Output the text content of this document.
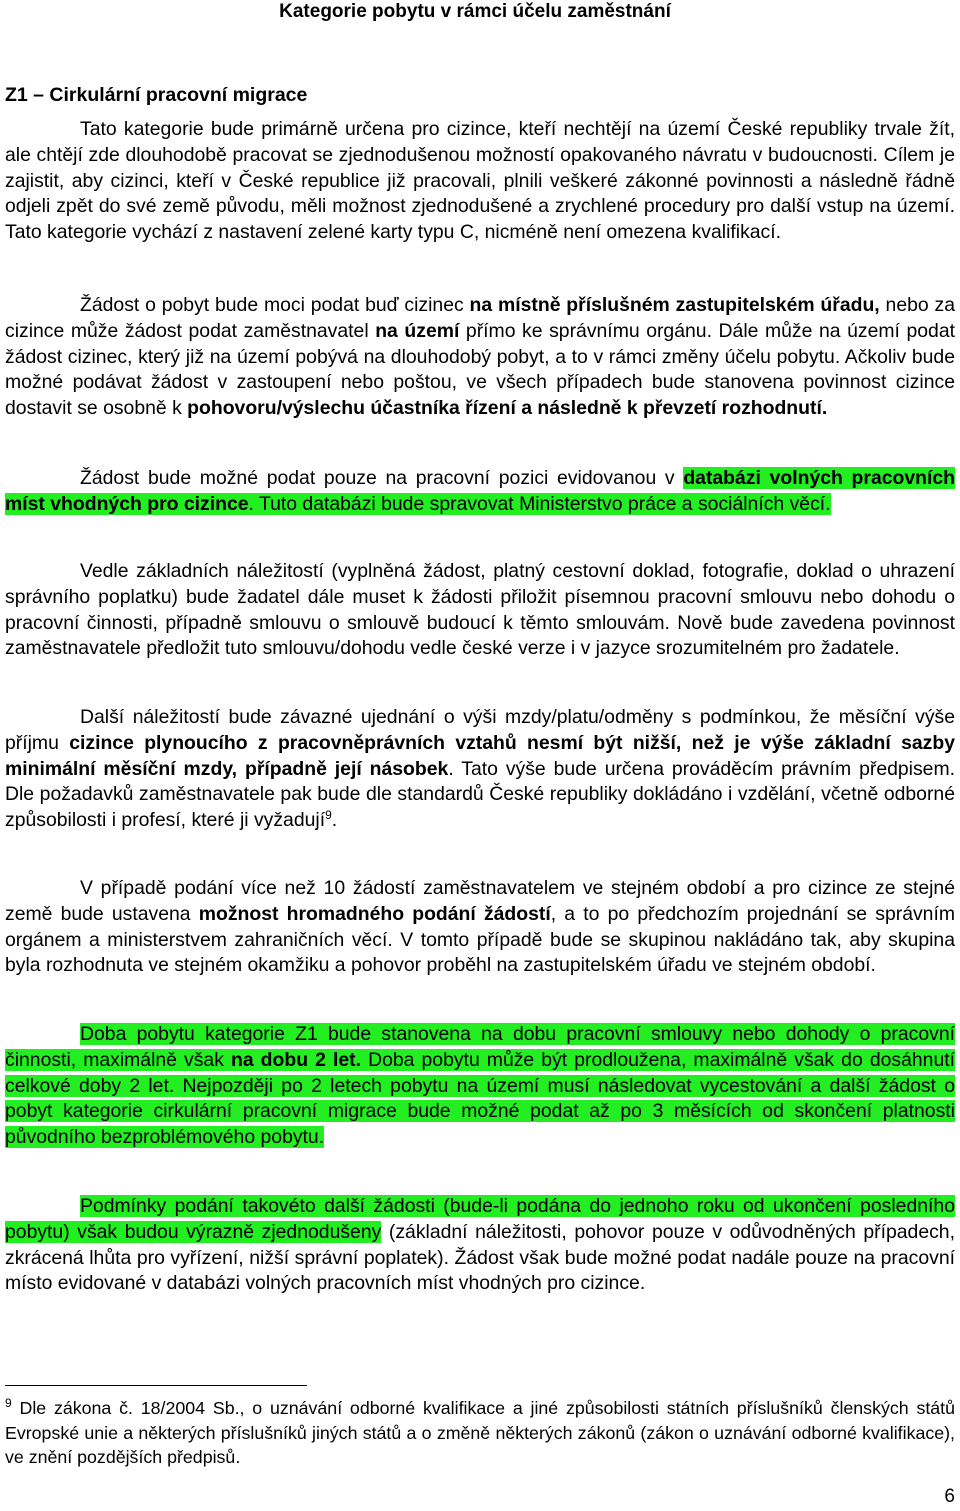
Kategorie pobytu v rámci účelu zaměstnání
Z1 – Cirkulární pracovní migrace

Tato kategorie bude primárně určena pro cizince, kteří nechtějí na území České republiky trvale žít, ale chtějí zde dlouhodobě pracovat se zjednodušenou možností opakovaného návratu v budoucnosti. Cílem je zajistit, aby cizinci, kteří v České republice již pracovali, plnili veškeré zákonné povinnosti a následně řádně odjeli zpět do své země původu, měli možnost zjednodušené a zrychlené procedury pro další vstup na území. Tato kategorie vychází z nastavení zelené karty typu C, nicméně není omezena kvalifikací.

Žádost o pobyt bude moci podat buď cizinec na místně příslušném zastupitelském úřadu, nebo za cizince může žádost podat zaměstnavatel na území přímo ke správnímu orgánu. Dále může na území podat žádost cizinec, který již na území pobývá na dlouhodobý pobyt, a to v rámci změny účelu pobytu. Ačkoliv bude možné podávat žádost v zastoupení nebo poštou, ve všech případech bude stanovena povinnost cizince dostavit se osobně k pohovoru/výslechu účastníka řízení a následně k převzetí rozhodnutí.

Žádost bude možné podat pouze na pracovní pozici evidovanou v databázi volných pracovních míst vhodných pro cizince. Tuto databázi bude spravovat Ministerstvo práce a sociálních věcí.

Vedle základních náležitostí (vyplněná žádost, platný cestovní doklad, fotografie, doklad o uhrazení správního poplatku) bude žadatel dále muset k žádosti přiložit písemnou pracovní smlouvu nebo dohodu o pracovní činnosti, případně smlouvu o smlouvě budoucí k těmto smlouvám. Nově bude zavedena povinnost zaměstnavatele předložit tuto smlouvu/dohodu vedle české verze i v jazyce srozumitelném pro žadatele.

Další náležitostí bude závazné ujednání o výši mzdy/platu/odměny s podmínkou, že měsíční výše příjmu cizince plynoucího z pracovněprávních vztahů nesmí být nižší, než je výše základní sazby minimální měsíční mzdy, případně její násobek. Tato výše bude určena prováděcím právním předpisem. Dle požadavků zaměstnavatele pak bude dle standardů České republiky dokládáno i vzdělání, včetně odborné způsobilosti i profesí, které ji vyžadují$^9$.

V případě podání více než 10 žádostí zaměstnavatelem ve stejném období a pro cizince ze stejné země bude ustavena možnost hromadného podání žádostí, a to po předchozím projednání se správním orgánem a ministerstvem zahraničních věcí. V tomto případě bude se skupinou nakládáno tak, aby skupina byla rozhodnuta ve stejném okamžiku a pohovor proběhl na zastupitelském úřadu ve stejném období.

Doba pobytu kategorie Z1 bude stanovena na dobu pracovní smlouvy nebo dohody o pracovní činnosti, maximálně však na dobu 2 let. Doba pobytu může být prodloužena, maximálně však do dosáhnutí celkové doby 2 let. Nejpozději po 2 letech pobytu na území musí následovat vycestování a další žádost o pobyt kategorie cirkulární pracovní migrace bude možné podat až po 3 měsících od skončení platnosti původního bezproblémového pobytu.

Podmínky podání takovéto další žádosti (bude-li podána do jednoho roku od ukončení posledního pobytu) však budou výrazně zjednodušeny (základní náležitosti, pohovor pouze v odůvodněných případech, zkrácená lhůta pro vyřízení, nižší správní poplatek). Žádost však bude možné podat nadále pouze na pracovní místo evidované v databázi volných pracovních míst vhodných pro cizince.

$^9$ Dle zákona č. 18/2004 Sb., o uznávání odborné kvalifikace a jiné způsobilosti státních příslušníků členských států Evropské unie a některých příslušníků jiných států a o změně některých zákonů (zákon o uznávání odborné kvalifikace), ve znění pozdějších předpisů.
6
